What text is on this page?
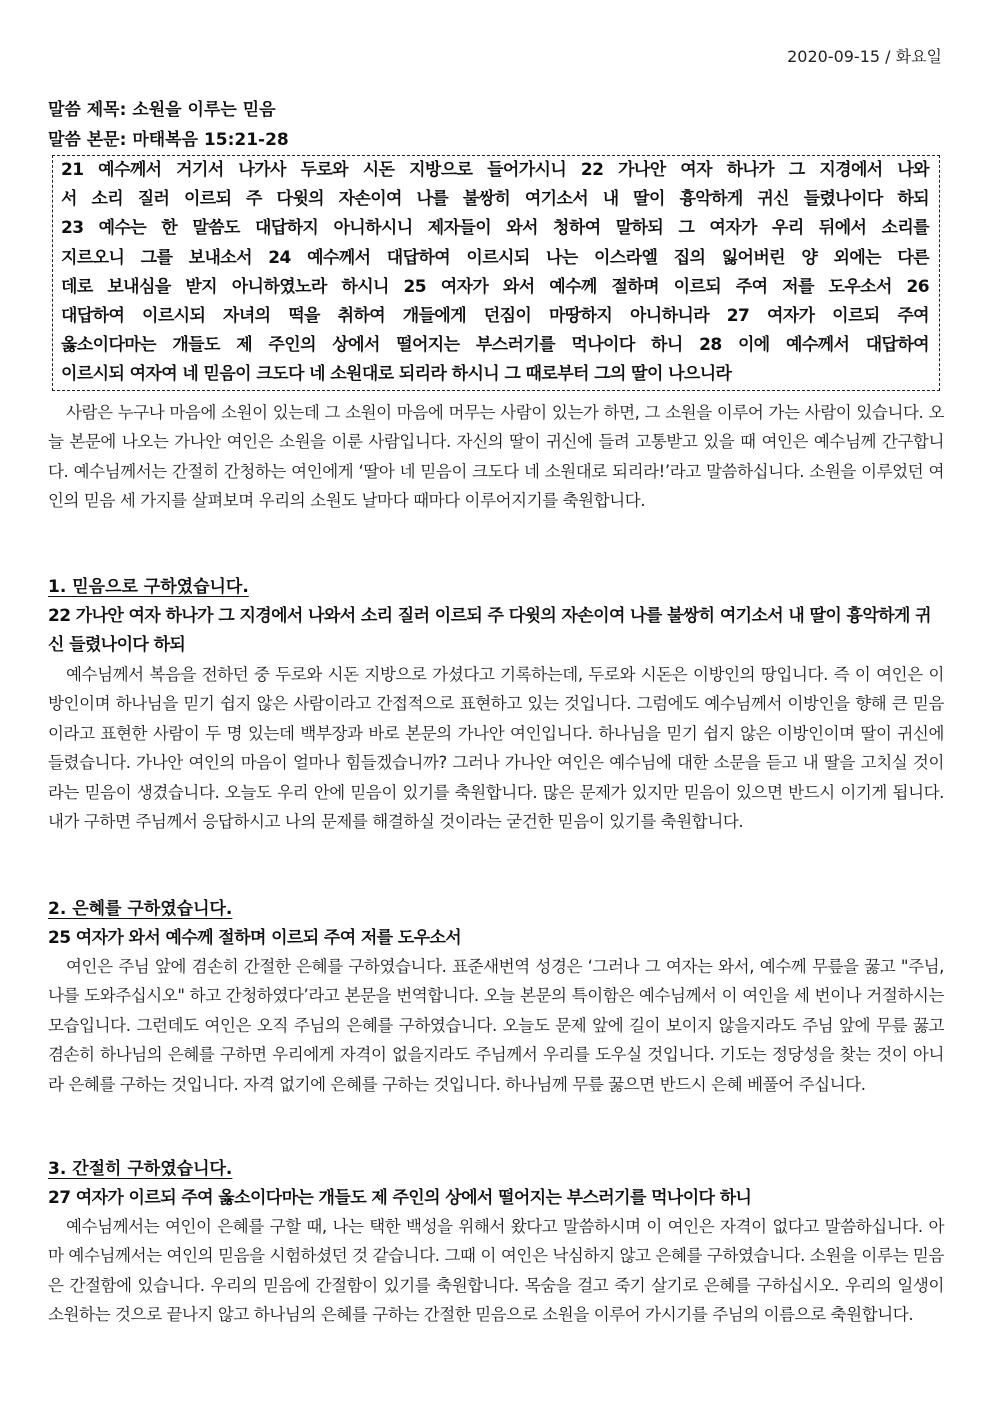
2020-09-15 / 화요일
말씀 제목: 소원을 이루는 믿음
말씀 본문: 마태복음 15:21-28
21 예수께서 거기서 나가사 두로와 시돈 지방으로 들어가시니 22 가나안 여자 하나가 그 지경에서 나와
서 소리 질러 이르되 주 다윗의 자손이여 나를 불쌍히 여기소서 내 딸이 흉악하게 귀신 들렸나이다 하되
23 예수는 한 말씀도 대답하지 아니하시니 제자들이 와서 청하여 말하되 그 여자가 우리 뒤에서 소리를
지르오니 그를 보내소서 24 예수께서 대답하여 이르시되 나는 이스라엘 집의 잃어버린 양 외에는 다른
데로 보내심을 받지 아니하였노라 하시니 25 여자가 와서 예수께 절하며 이르되 주여 저를 도우소서 26
대답하여 이르시되 자녀의 떡을 취하여 개들에게 던짐이 마땅하지 아니하니라 27 여자가 이르되 주여
옳소이다마는 개들도 제 주인의 상에서 떨어지는 부스러기를 먹나이다 하니 28 이에 예수께서 대답하여
이르시되 여자여 네 믿음이 크도다 네 소원대로 되리라 하시니 그 때로부터 그의 딸이 나으니라
사람은 누구나 마음에 소원이 있는데 그 소원이 마음에 머무는 사람이 있는가 하면, 그 소원을 이루어 가는 사람이 있습니다. 오늘 본문에 나오는 가나안 여인은 소원을 이룬 사람입니다. 자신의 딸이 귀신에 들려 고통받고 있을 때 여인은 예수님께 간구합니다. 예수님께서는 간절히 간청하는 여인에게 ‘딸아 네 믿음이 크도다 네 소원대로 되리라!’라고 말씀하십니다. 소원을 이루었던 여인의 믿음 세 가지를 살펴보며 우리의 소원도 날마다 때마다 이루어지기를 축원합니다.
1. 믿음으로 구하였습니다.
22 가나안 여자 하나가 그 지경에서 나와서 소리 질러 이르되 주 다윗의 자손이여 나를 불쌍히 여기소서 내 딸이 흉악하게 귀신 들렸나이다 하되
예수님께서 복음을 전하던 중 두로와 시돈 지방으로 가셨다고 기록하는데, 두로와 시돈은 이방인의 땅입니다. 즉 이 여인은 이방인이며 하나님을 믿기 쉽지 않은 사람이라고 간접적으로 표현하고 있는 것입니다. 그럼에도 예수님께서 이방인을 향해 큰 믿음이라고 표현한 사람이 두 명 있는데 백부장과 바로 본문의 가나안 여인입니다. 하나님을 믿기 쉽지 않은 이방인이며 딸이 귀신에 들렸습니다. 가나안 여인의 마음이 얼마나 힘들겠습니까? 그러나 가나안 여인은 예수님에 대한 소문을 듣고 내 딸을 고치실 것이라는 믿음이 생겼습니다. 오늘도 우리 안에 믿음이 있기를 축원합니다. 많은 문제가 있지만 믿음이 있으면 반드시 이기게 됩니다. 내가 구하면 주님께서 응답하시고 나의 문제를 해결하실 것이라는 굳건한 믿음이 있기를 축원합니다.
2. 은혜를 구하였습니다.
25 여자가 와서 예수께 절하며 이르되 주여 저를 도우소서
여인은 주님 앞에 겸손히 간절한 은혜를 구하였습니다. 표준새번역 성경은 ‘그러나 그 여자는 와서, 예수께 무릎을 꿇고 "주님, 나를 도와주십시오" 하고 간청하였다’라고 본문을 번역합니다. 오늘 본문의 특이함은 예수님께서 이 여인을 세 번이나 거절하시는 모습입니다. 그런데도 여인은 오직 주님의 은혜를 구하였습니다. 오늘도 문제 앞에 길이 보이지 않을지라도 주님 앞에 무릎 꿇고 겸손히 하나님의 은혜를 구하면 우리에게 자격이 없을지라도 주님께서 우리를 도우실 것입니다. 기도는 정당성을 찾는 것이 아니라 은혜를 구하는 것입니다. 자격 없기에 은혜를 구하는 것입니다. 하나님께 무릎 꿇으면 반드시 은혜 베풀어 주십니다.
3. 간절히 구하였습니다.
27 여자가 이르되 주여 옳소이다마는 개들도 제 주인의 상에서 떨어지는 부스러기를 먹나이다 하니
예수님께서는 여인이 은혜를 구할 때, 나는 택한 백성을 위해서 왔다고 말씀하시며 이 여인은 자격이 없다고 말씀하십니다. 아마 예수님께서는 여인의 믿음을 시험하셨던 것 같습니다. 그때 이 여인은 낙심하지 않고 은혜를 구하였습니다. 소원을 이루는 믿음은 간절함에 있습니다. 우리의 믿음에 간절함이 있기를 축원합니다. 목숨을 걸고 죽기 살기로 은혜를 구하십시오. 우리의 일생이 소원하는 것으로 끝나지 않고 하나님의 은혜를 구하는 간절한 믿음으로 소원을 이루어 가시기를 주님의 이름으로 축원합니다.
